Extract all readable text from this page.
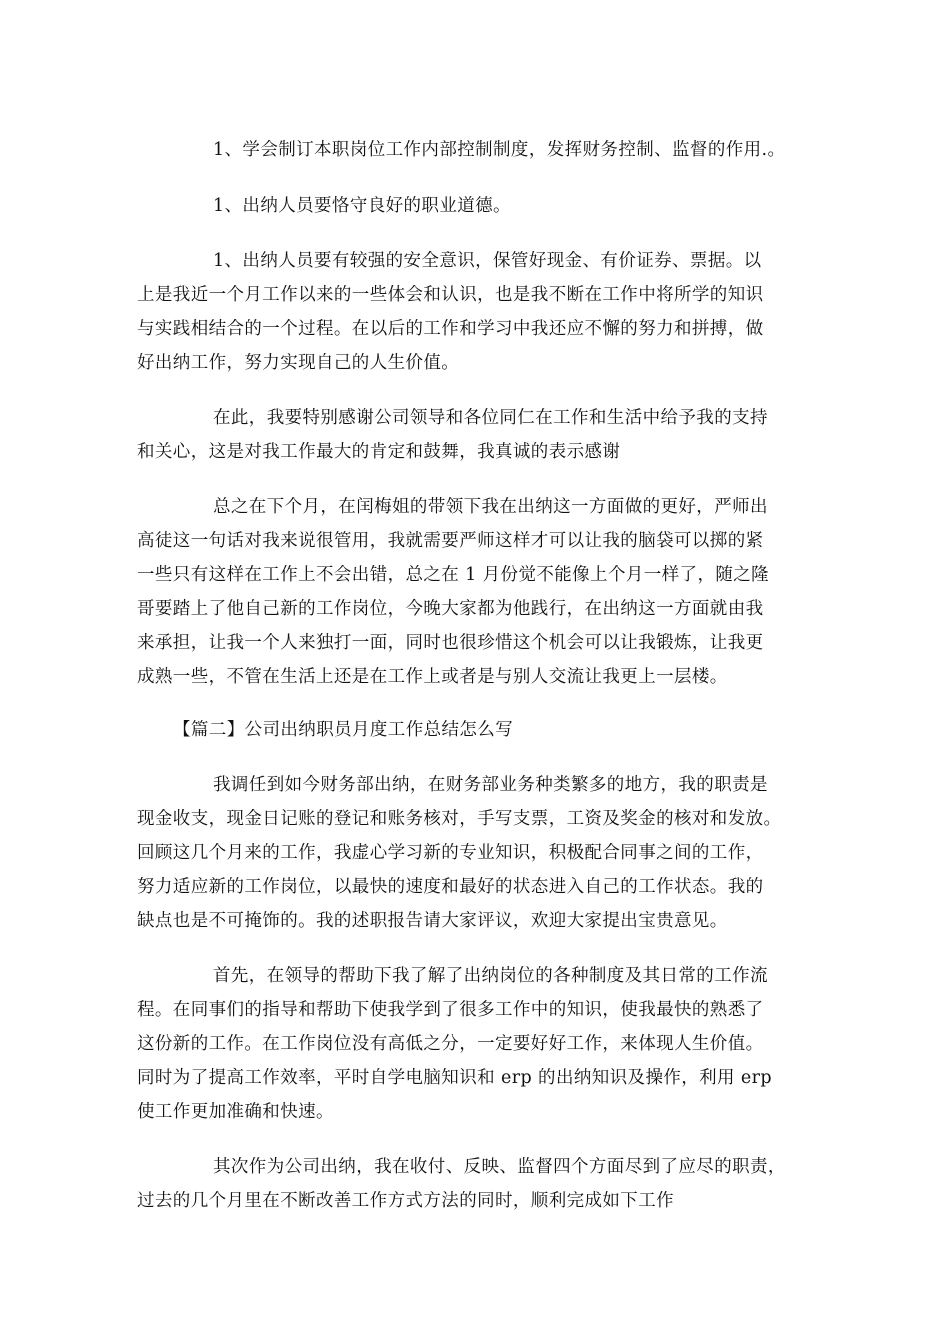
1、学会制订本职岗位工作内部控制制度，发挥财务控制、监督的作用.。
1、出纳人员要恪守良好的职业道德。
1、出纳人员要有较强的安全意识，保管好现金、有价证券、票据。以
上是我近一个月工作以来的一些体会和认识，也是我不断在工作中将所学的知识
与实践相结合的一个过程。在以后的工作和学习中我还应不懈的努力和拼搏，做
好出纳工作，努力实现自己的人生价值。
在此，我要特别感谢公司领导和各位同仁在工作和生活中给予我的支持
和关心，这是对我工作最大的肯定和鼓舞，我真诚的表示感谢
总之在下个月，在闰梅姐的带领下我在出纳这一方面做的更好，严师出
高徒这一句话对我来说很管用，我就需要严师这样才可以让我的脑袋可以掷的紧
一些只有这样在工作上不会出错，总之在 1 月份觉不能像上个月一样了，随之隆
哥要踏上了他自己新的工作岗位，今晚大家都为他践行，在出纳这一方面就由我
来承担，让我一个人来独打一面，同时也很珍惜这个机会可以让我锻炼，让我更
成熟一些，不管在生活上还是在工作上或者是与别人交流让我更上一层楼。
【篇二】公司出纳职员月度工作总结怎么写
我调任到如今财务部出纳，在财务部业务种类繁多的地方，我的职责是
现金收支，现金日记账的登记和账务核对，手写支票，工资及奖金的核对和发放。
回顾这几个月来的工作，我虚心学习新的专业知识，积极配合同事之间的工作，
努力适应新的工作岗位，以最快的速度和最好的状态进入自己的工作状态。我的
缺点也是不可掩饰的。我的述职报告请大家评议，欢迎大家提出宝贵意见。
首先，在领导的帮助下我了解了出纳岗位的各种制度及其日常的工作流
程。在同事们的指导和帮助下使我学到了很多工作中的知识，使我最快的熟悉了
这份新的工作。在工作岗位没有高低之分，一定要好好工作，来体现人生价值。
同时为了提高工作效率，平时自学电脑知识和 erp 的出纳知识及操作，利用 erp
使工作更加准确和快速。
其次作为公司出纳，我在收付、反映、监督四个方面尽到了应尽的职责，
过去的几个月里在不断改善工作方式方法的同时，顺利完成如下工作
